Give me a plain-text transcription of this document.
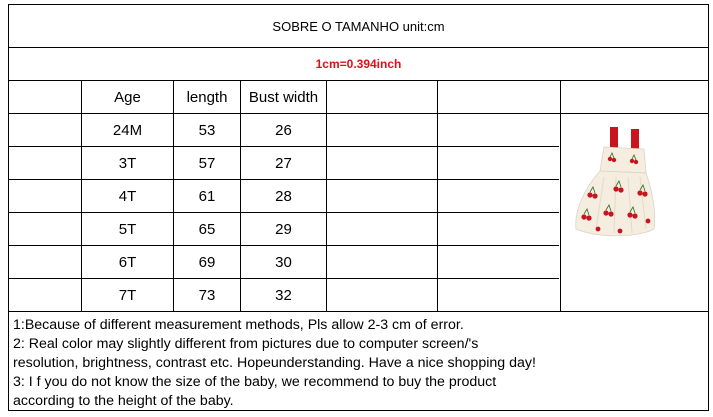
SOBRE O TAMANHO unit:cm
1cm=0.394inch
Age	length	Bust width
24M	53	26
3T	57	27
4T	61	28
5T	65	29
6T	69	30
7T	73	32
1:Because of different measurement methods, Pls allow 2-3 cm of error.
2: Real color may slightly different from pictures due to computer screen/'s
resolution, brightness, contrast etc. Hopeunderstanding. Have a nice shopping day!
3: I f you do not know the size of the baby, we recommend to buy the product
according to the height of the baby.
